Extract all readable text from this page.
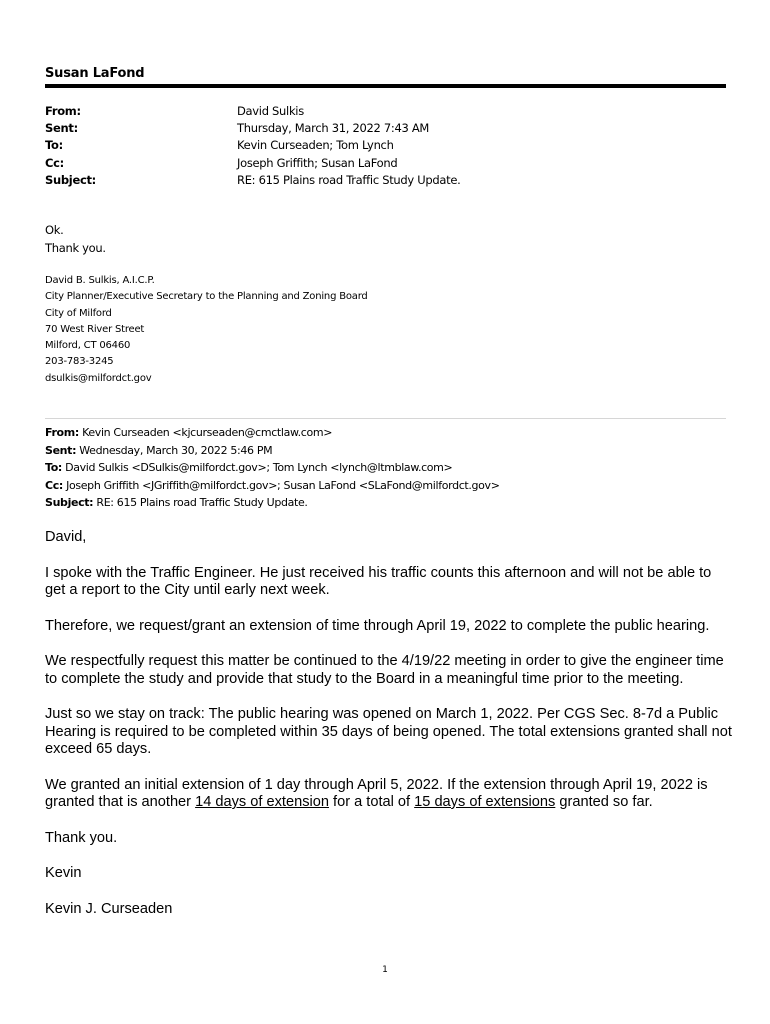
Susan LaFond
From:	David Sulkis
Sent:	Thursday, March 31, 2022 7:43 AM
To:	Kevin Curseaden; Tom Lynch
Cc:	Joseph Griffith; Susan LaFond
Subject:	RE: 615 Plains road Traffic Study Update.
Ok.
Thank you.
David B. Sulkis, A.I.C.P.
City Planner/Executive Secretary to the Planning and Zoning Board
City of Milford
70 West River Street
Milford, CT 06460
203-783-3245
dsulkis@milfordct.gov
From: Kevin Curseaden <kjcurseaden@cmctlaw.com>
Sent: Wednesday, March 30, 2022 5:46 PM
To: David Sulkis <DSulkis@milfordct.gov>; Tom Lynch <lynch@ltmblaw.com>
Cc: Joseph Griffith <JGriffith@milfordct.gov>; Susan LaFond <SLaFond@milfordct.gov>
Subject: RE: 615 Plains road Traffic Study Update.

David,

I spoke with the Traffic Engineer. He just received his traffic counts this afternoon and will not be able to get a report to the City until early next week.

Therefore, we request/grant an extension of time through April 19, 2022 to complete the public hearing.

We respectfully request this matter be continued to the 4/19/22 meeting in order to give the engineer time to complete the study and provide that study to the Board in a meaningful time prior to the meeting.

Just so we stay on track: The public hearing was opened on March 1, 2022. Per CGS Sec. 8-7d a Public Hearing is required to be completed within 35 days of being opened. The total extensions granted shall not exceed 65 days.

We granted an initial extension of 1 day through April 5, 2022. If the extension through April 19, 2022 is granted that is another 14 days of extension for a total of 15 days of extensions granted so far.

Thank you.

Kevin

Kevin J. Curseaden

1
